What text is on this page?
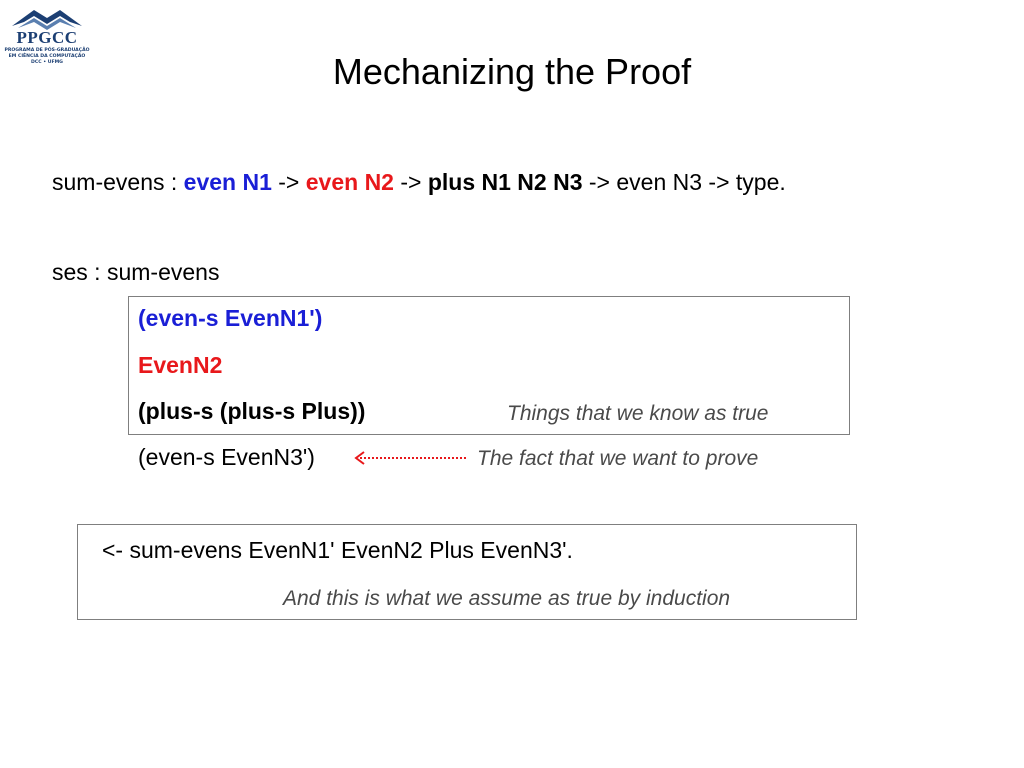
PPGCC
PROGRAMA DE PÓS-GRADUAÇÃO
EM CIÊNCIA DA COMPUTAÇÃO
DCC • UFMG	Mechanizing the Proof
sum-evens : even N1 -> even N2 -> plus N1 N2 N3 -> even N3 -> type.
ses : sum-evens
(even-s EvenN1')
EvenN2
(plus-s (plus-s Plus))	Things that we know as true
(even-s EvenN3')	The fact that we want to prove
<- sum-evens EvenN1' EvenN2 Plus EvenN3'.
And this is what we assume as true by induction
